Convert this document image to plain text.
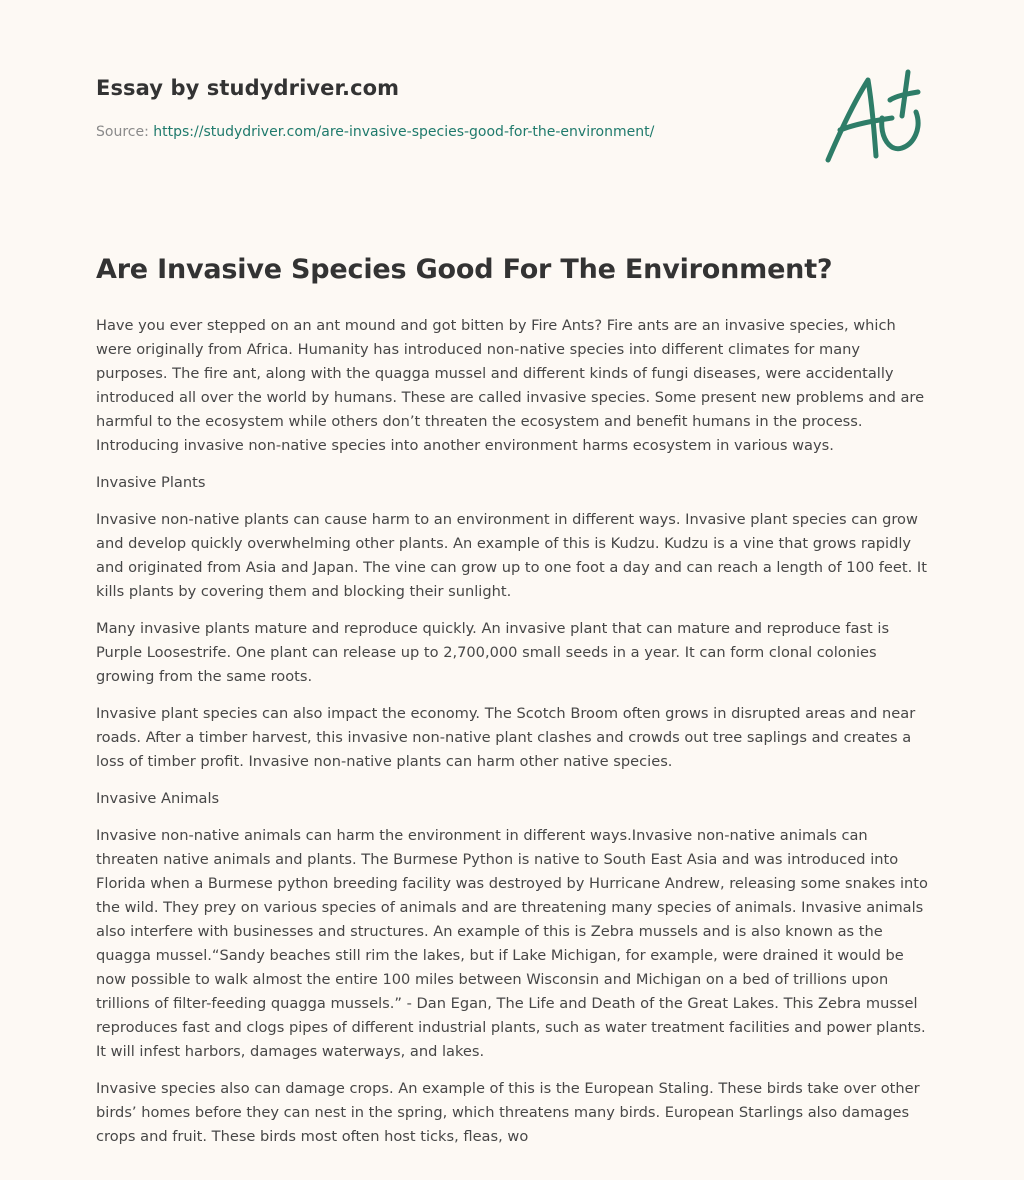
Essay by studydriver.com
Source: https://studydriver.com/are-invasive-species-good-for-the-environment/
Are Invasive Species Good For The Environment?

Have you ever stepped on an ant mound and got bitten by Fire Ants? Fire ants are an invasive species, which were originally from Africa. Humanity has introduced non-native species into different climates for many purposes. The fire ant, along with the quagga mussel and different kinds of fungi diseases, were accidentally introduced all over the world by humans. These are called invasive species. Some present new problems and are harmful to the ecosystem while others don’t threaten the ecosystem and benefit humans in the process. Introducing invasive non-native species into another environment harms ecosystem in various ways.

Invasive Plants

Invasive non-native plants can cause harm to an environment in different ways. Invasive plant species can grow and develop quickly overwhelming other plants. An example of this is Kudzu. Kudzu is a vine that grows rapidly and originated from Asia and Japan. The vine can grow up to one foot a day and can reach a length of 100 feet. It kills plants by covering them and blocking their sunlight.

Many invasive plants mature and reproduce quickly. An invasive plant that can mature and reproduce fast is Purple Loosestrife. One plant can release up to 2,700,000 small seeds in a year. It can form clonal colonies growing from the same roots.

Invasive plant species can also impact the economy. The Scotch Broom often grows in disrupted areas and near roads. After a timber harvest, this invasive non-native plant clashes and crowds out tree saplings and creates a loss of timber profit. Invasive non-native plants can harm other native species.

Invasive Animals

Invasive non-native animals can harm the environment in different ways.Invasive non-native animals can threaten native animals and plants. The Burmese Python is native to South East Asia and was introduced into Florida when a Burmese python breeding facility was destroyed by Hurricane Andrew, releasing some snakes into the wild. They prey on various species of animals and are threatening many species of animals. Invasive animals also interfere with businesses and structures. An example of this is Zebra mussels and is also known as the quagga mussel.“Sandy beaches still rim the lakes, but if Lake Michigan, for example, were drained it would be now possible to walk almost the entire 100 miles between Wisconsin and Michigan on a bed of trillions upon trillions of filter-feeding quagga mussels.” - Dan Egan, The Life and Death of the Great Lakes. This Zebra mussel reproduces fast and clogs pipes of different industrial plants, such as water treatment facilities and power plants. It will infest harbors, damages waterways, and lakes.

Invasive species also can damage crops. An example of this is the European Staling. These birds take over other birds’ homes before they can nest in the spring, which threatens many birds. European Starlings also damages crops and fruit. These birds most often host ticks, fleas, wo
